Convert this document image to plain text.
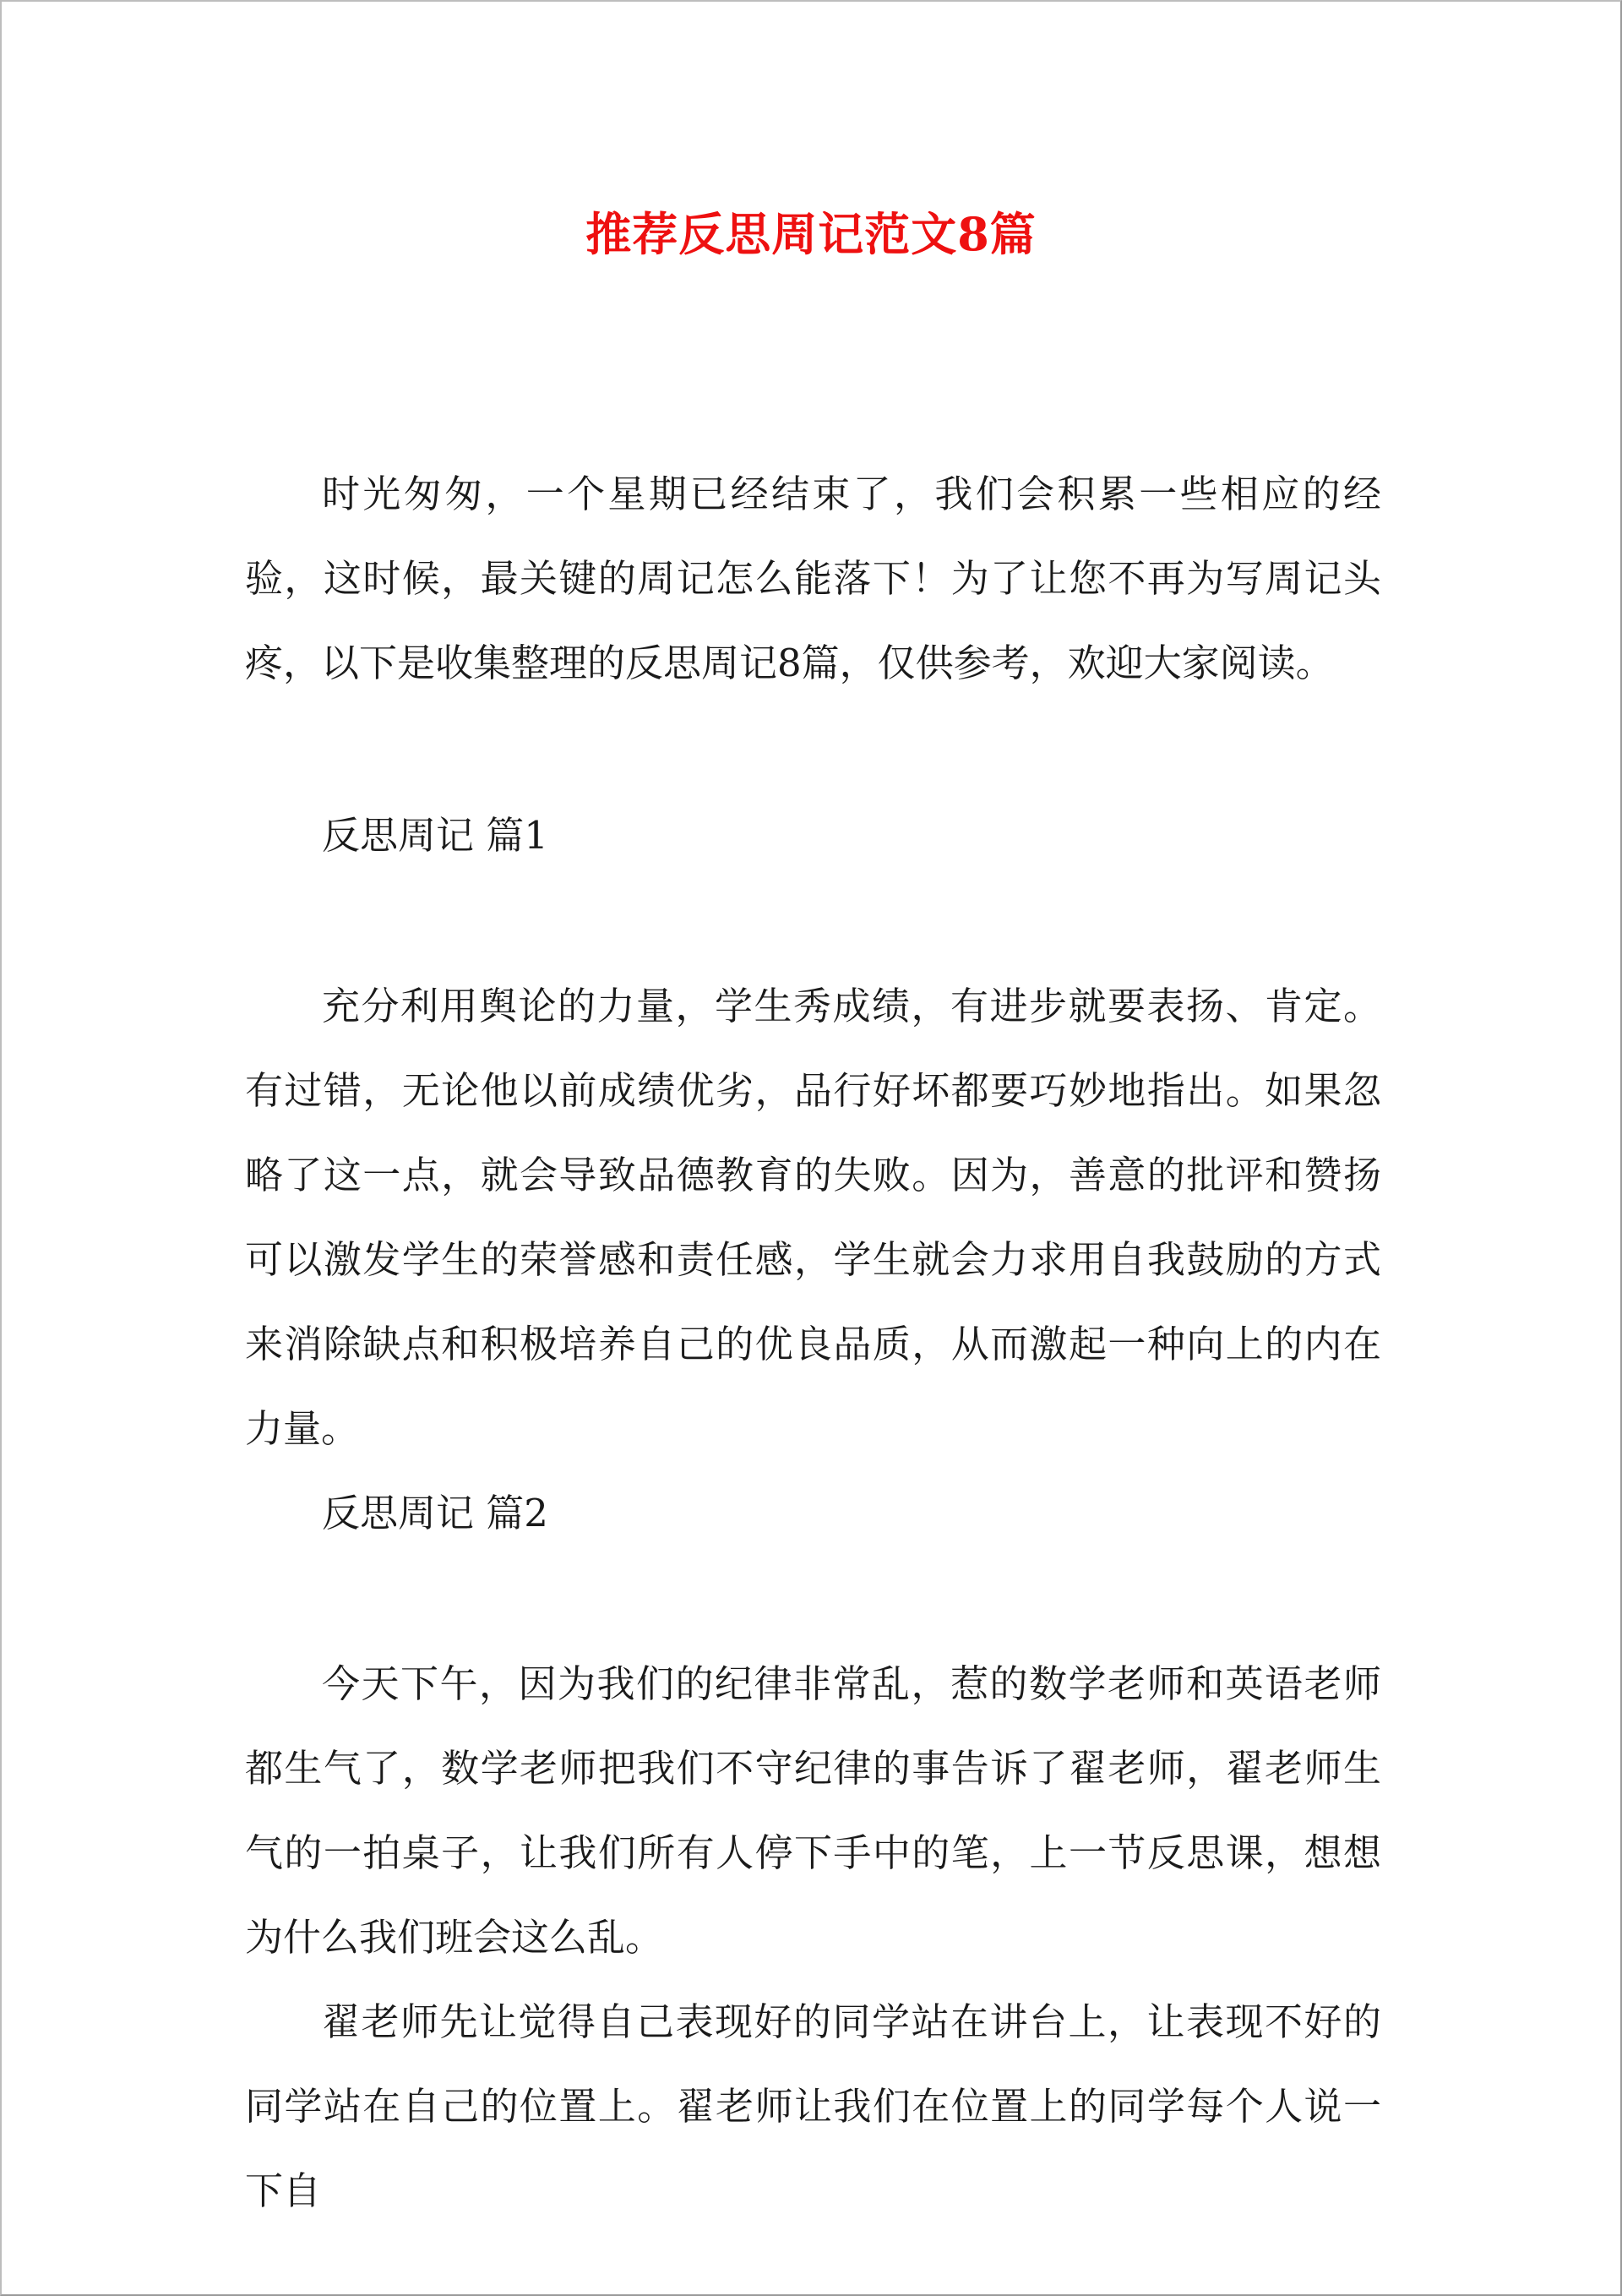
推荐反思周记范文8篇

时光匆匆，一个星期已经结束了，我们会积累一些相应的经验，这时候，最关键的周记怎么能落下！为了让您不再为写周记头疼，以下是收集整理的反思周记8篇，仅供参考，欢迎大家阅读。

反思周记 篇1

充分利用舆论的力量，学生秀成绩，有进步就要表扬、肯定。有过错，无论他以前成绩优劣，品行好坏都要巧妙地指出。如果忽略了这一点，就会导致品德教育的失败。因为，善意的批评和赞扬可以激发学生的荣誉感和责任感，学生就会力求用自我鼓励的方式来消除缺点和积极培养自己的优良品质，从而激起一种向上的内在力量。

反思周记 篇2

今天下午，因为我们的纪律非常乱，惹的数学老师和英语老师都生气了，数学老师把我们不守纪律的事告诉了翟老师，翟老师生气的一拍桌子，让我们所有人停下手中的笔，上一节反思课，想想为什么我们班会这么乱。

翟老师先让觉得自己表现好的同学站在讲台上，让表现不好的同学站在自己的位置上。翟老师让我们在位置上的同学每个人说一下自
